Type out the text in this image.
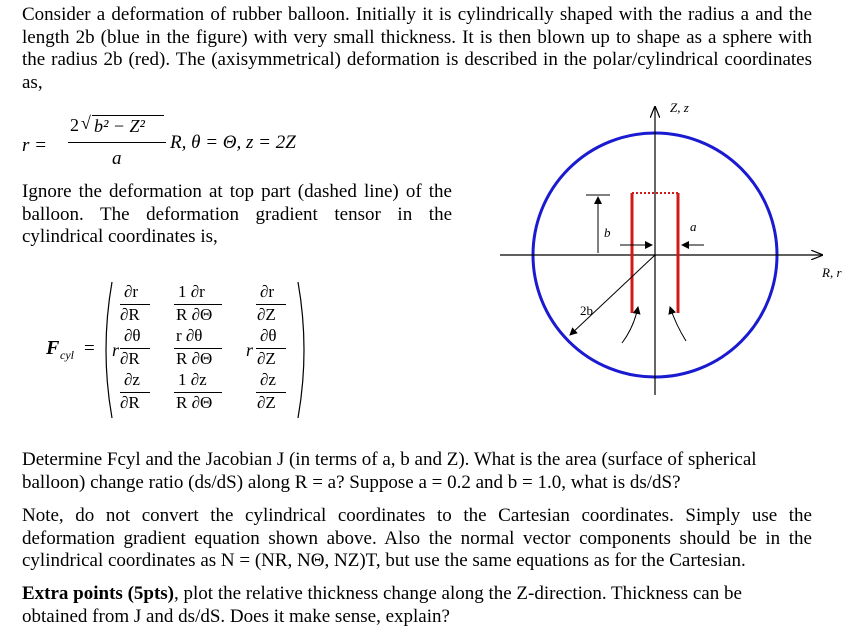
Consider a deformation of rubber balloon. Initially it is cylindrically shaped with the radius a and the length 2b (blue in the figure) with very small thickness. It is then blown up to shape as a sphere with the radius 2b (red). The (axisymmetrical) deformation is described in the polar/cylindrical coordinates as,

r =
2 √ b² − Z²
a
R, θ = Θ, z = 2Z

Ignore the deformation at top part (dashed line) of the balloon. The deformation gradient tensor in the cylindrical coordinates is,

F cyl = r
∂r
∂R
1 ∂r
R ∂Θ
∂r
∂Z
∂θ
∂R
r ∂θ
R ∂Θ r
∂θ
∂Z
∂z
∂R
1 ∂z
R ∂Θ
∂z
∂Z
Z, z
R, r
b	a
2b

Determine Fcyl and the Jacobian J (in terms of a, b and Z). What is the area (surface of spherical balloon) change ratio (ds/dS) along R = a? Suppose a = 0.2 and b = 1.0, what is ds/dS?

Note, do not convert the cylindrical coordinates to the Cartesian coordinates. Simply use the deformation gradient equation shown above. Also the normal vector components should be in the cylindrical coordinates as N = (NR, NΘ, NZ)T, but use the same equations as for the Cartesian.

Extra points (5pts), plot the relative thickness change along the Z-direction. Thickness can be obtained from J and ds/dS. Does it make sense, explain?
